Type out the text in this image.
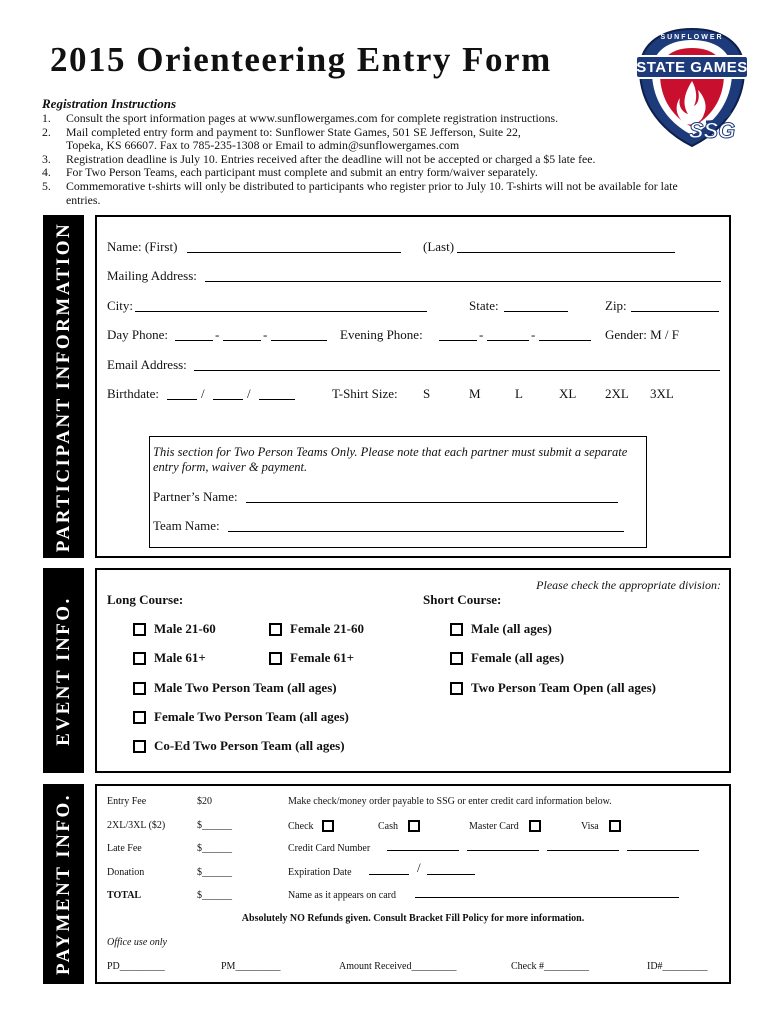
2015 Orienteering Entry Form
SUNFLOWER
STATE GAMES
SSG
Registration Instructions
1.	Consult the sport information pages at www.sunflowergames.com for complete registration instructions.
2.	Mail completed entry form and payment to: Sunflower State Games, 501 SE Jefferson, Suite 22,
Topeka, KS 66607. Fax to 785-235-1308 or Email to admin@sunflowergames.com
3.	Registration deadline is July 10. Entries received after the deadline will not be accepted or charged a $5 late fee.
4.	For Two Person Teams, each participant must complete and submit an entry form/waiver separately.
5.	Commemorative t-shirts will only be distributed to participants who register prior to July 10. T-shirts will not be available for late
entries.
PARTICIPANT INFORMATION	Name: (First)	(Last)
Mailing Address:
City:	State:	Zip:
Day Phone:	-	-	Evening Phone:	-	-	Gender: M / F
Email Address:
Birthdate:	/	/	T-Shirt Size: S	M	L	XL 2XL 3XL
This section for Two Person Teams Only. Please note that each partner must submit a separate entry form, waiver & payment.
Partner’s Name:
Team Name:
EVENT INFO.
Please check the appropriate division:
Long Course:	Short Course:
Male 21-60	Female 21-60	Male (all ages)
Male 61+	Female 61+	Female (all ages)
Male Two Person Team (all ages)	Two Person Team Open (all ages)
Female Two Person Team (all ages)
Co-Ed Two Person Team (all ages)
PAYMENT INFO.	Entry Fee	$20
2XL/3XL ($2)	$______
Late Fee	$______
Donation	$______
TOTAL	$______
Make check/money order payable to SSG or enter credit card information below.
Check	Cash	Master Card	Visa
Credit Card Number
Expiration Date	/
Name as it appears on card
Absolutely NO Refunds given. Consult Bracket Fill Policy for more information.
Office use only
PD_________	PM_________	Amount Received_________	Check #_________	ID#_________
